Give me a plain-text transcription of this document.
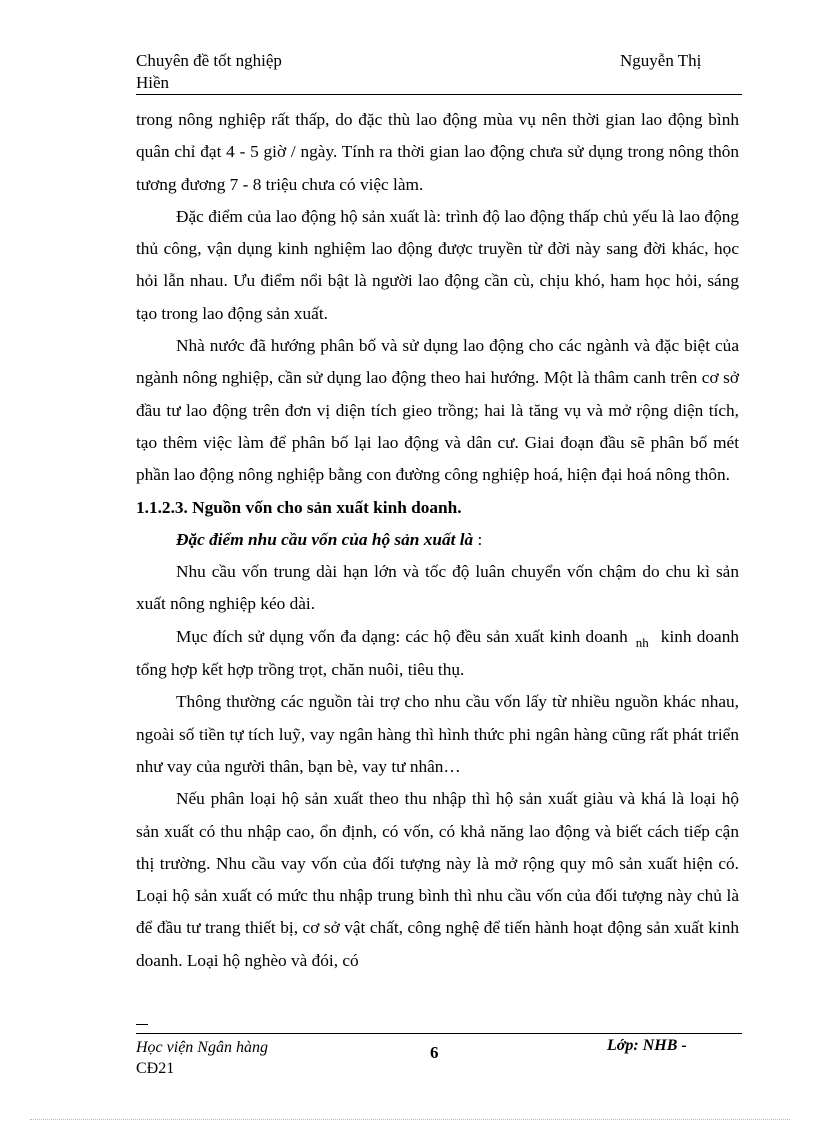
Chuyên đề tốt nghiệp
Hiền
Nguyễn Thị

trong nông nghiệp rất thấp, do đặc thù lao động mùa vụ nên thời gian lao động bình quân chỉ đạt 4 - 5 giờ / ngày. Tính ra thời gian lao động chưa sử dụng trong nông thôn tương đương 7 - 8 triệu chưa có việc làm.

Đặc điểm của lao động hộ sản xuất là: trình độ lao động thấp chủ yếu là lao động thủ công, vận dụng kinh nghiệm lao động được truyền từ đời này sang đời khác, học hỏi lẫn nhau. Ưu điểm nổi bật là người lao động cần cù, chịu khó, ham học hỏi, sáng tạo trong lao động sản xuất.

Nhà nước đã hướng phân bố và sử dụng lao động cho các ngành và đặc biệt của ngành nông nghiệp, cần sử dụng lao động theo hai hướng. Một là thâm canh trên cơ sở đầu tư lao động trên đơn vị diện tích gieo trồng; hai là tăng vụ và mở rộng diện tích, tạo thêm việc làm để phân bố lại lao động và dân cư. Giai đoạn đầu sẽ phân bố mét phần lao động nông nghiệp bằng con đường công nghiệp hoá, hiện đại hoá nông thôn.

1.1.2.3. Nguồn vốn cho sản xuất kinh doanh.

Đặc điểm nhu cầu vốn của hộ sản xuất là :

Nhu cầu vốn trung dài hạn lớn và tốc độ luân chuyển vốn chậm do chu kì sản xuất nông nghiệp kéo dài.

Mục đích sử dụng vốn đa dạng: các hộ đều sản xuất kinh doanh $_{nh}$ kinh doanh tổng hợp kết hợp trồng trọt, chăn nuôi, tiêu thụ.

Thông thường các nguồn tài trợ cho nhu cầu vốn lấy từ nhiều nguồn khác nhau, ngoài số tiền tự tích luỹ, vay ngân hàng thì hình thức phi ngân hàng cũng rất phát triển như vay của người thân, bạn bè, vay tư nhân…

Nếu phân loại hộ sản xuất theo thu nhập thì hộ sản xuất giàu và khá là loại hộ sản xuất có thu nhập cao, ổn định, có vốn, có khả năng lao động và biết cách tiếp cận thị trường. Nhu cầu vay vốn của đối tượng này là mở rộng quy mô sản xuất hiện có. Loại hộ sản xuất có mức thu nhập trung bình thì nhu cầu vốn của đối tượng này chủ là để đầu tư trang thiết bị, cơ sở vật chất, công nghệ để tiến hành hoạt động sản xuất kinh doanh. Loại hộ nghèo và đói, có

Học viện Ngân hàng
CĐ21
6	Lớp: NHB -
